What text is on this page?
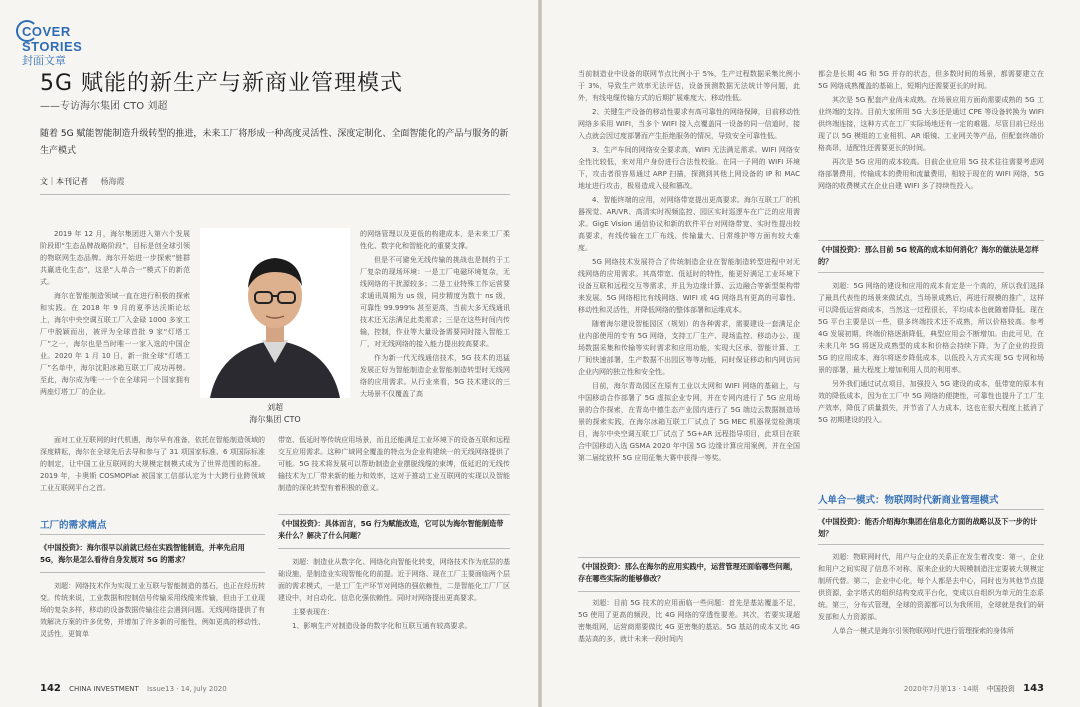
COVER STORIES
封面文章
5G 赋能的新生产与新商业管理模式
——专访海尔集团 CTO 刘超
随着 5G 赋能智能制造升级转型的推进，未来工厂将形成一种高度灵活性、深度定制化、全面智能化的产品与服务的新生产模式
文｜本刊记者 杨海霞

2019 年 12 月，海尔集团进入第六个发展阶段即“生态品牌战略阶段”，目标是创全球引领的物联网生态品牌。海尔开始进一步探索“链群共赢进化生态”，这是“人单合一”模式下的新范式。

海尔在智能制造领域一直在进行积极的探索和实践。在 2018 年 9 月的夏季达沃斯论坛上，海尔中央空调互联工厂入金碌 1000 多家工厂中脱颖而出，被评为全球首批 9 家“灯塔工厂”之一，海尔也是当时唯一一家入选的中国企业。2020 年 1 月 10 日，新一批全球“灯塔工厂”名单中，海尔沈阳冰箱互联工厂成功再榜。至此，海尔成为唯一一个在全球同一个国家拥有两座灯塔工厂的企业。

刘超
海尔集团 CTO

的网络管理以及更低的构建成本，是未来工厂柔性化、数字化和智能化的重要支撑。

但是不可避免无线传输的挑战也是制约于工厂复杂的现场环境：一是工厂电磁环境复杂，无线网络的干扰源较多；二是工业特殊工作运营要求通讯周期为 us 级，同步精度为数十 ns 级，可靠性 99.999% 甚至更高，当前大多无线通讯技术还无法满足此类需求；三是在这些时间内传输，控制，作业等大量设备需要同时接入智能工厂，对无线网络的接入能力提出较高要求。

作为新一代无线通信技术，5G 技术的迅猛发展正好为智能制造企业智能制造转型时无线网络的应用需求。从行业来看，5G 技术建议的三大场景不仅覆盖了高

面对工业互联网的时代机遇，海尔早有准备，依托在智能制造领域的深度耕耘，海尔在全球先后去导和参与了 31 项国家标准、6 项国际标准的制定，让中国工业互联网的大规模定制模式成为了世界范围的标准。2019 年，卡奥斯 COSMOPlat 被国家工信部认定为十大跨行业跨领域工业互联网平台之首。

带宽、低延时等传统应用场景，而且还能满足工业环境下的设备互联和远程交互应用需求。这种广域网全覆盖的特点为企业构建统一的无线网络提供了可能。5G 技术将发展可以帮助制造企业摆脱线缆的束缚，低延迟的无线传输技术为工厂带来新的能力和效率，这对于推动工业互联网的实现以及智能制造的深化转型有着积极的意义。

工厂的需求痛点	《中国投资》：具体而言，5G 行为赋能改造，它可以为海尔智能制造带来什么？解决了什么问题？
《中国投资》：海尔很早以前就已经在实践智能制造，并率先启用 5G，海尔是怎么看待自身发展对 5G 的需求？

刘超：网络技术作为实现工业互联与智能制造的基石，也正在经历转变。传统来说，工业数据和控制信号传输采用线缆来传输，但由于工业现场的复杂多样，移动的设备数据传输往往会遇到问题。无线网络提供了有效解决方案的许多优势，并增加了许多新的可能性，例如更高的移动性、灵活性，更简单

刘超：制造业从数字化、网络化向智能化转变，网络技术作为底层的基础设施，是制造业实现智能化的前提。近于网络、现在工厂主要面临两个层面的需求模式，一是工厂生产环节对网络的强依赖性，二是智能化工厂厂区建设中，对自动化、信息化强依赖性。同时对网络提出更高要求。

主要表现在：

1、影响生产对制造设备的数字化和互联互通有较高要求。

142 CHINA INVESTMENT Issue13 · 14, July 2020

当前制造业中设备的联网节点比例小于 5%，生产过程数据采集比例小于 3%，导致生产效率无法评估，设备预测数据无法统计等问题，此外，有线电缆传输方式的后期扩展难度大、移动性低。

2、关键生产设备的移动性要求有高可靠性的网络保障，目前移动性网络多采用 WIFI，当多个 WIFI 接入点覆盖同一设备的同一信道时，接入点就会因过度部署而产生拒绝服务的情况，导致安全可靠性低。

3、生产车间的网络安全要求高，WIFI 无法满足需求。WIFI 网络安全性比较低，来对用户身份进行合法性校验。在同一子网的 WIFI 环境下，攻击者很容易通过 ARP 扫描，探测到其他上网设备的 IP 和 MAC 地址进行攻击，极易造成入侵和篡改。

4、智能终端的应用，对网络带宽提出更高要求。海尔互联工厂的机器视觉、AR/VR、高清实时视频监控、园区实时巡逻车在广泛的应用需求。GigE Vision 通信协议和新的软件平台对网络带宽、实时性提出较高要求，有线传输在工厂布线、传输量大、日常维护等方面有较大难度。

5G 网络技术发展符合了传统制造企业在智能制造转型进程中对无线网络的应用需求。其高带宽、低延时的特性，能更好满足工业环境下设备互联和远程交互等需求，并且为边缘计算、云边融合等新型架构带来发展。5G 网络相比有线网络、WIFI 或 4G 网络具有更高的可靠性、移动性和灵活性，并降低网络的整体部署和运维成本。

随着海尔建设智能园区（规划）的各种需求，需要建设一套满足企业内部使用的专有 5G 网络，支持工厂生产、现场监控、移动办公、现场数据采集和传输等实时需求和应用功能，实现大区承、智能计算、工厂间快速部署，生产数据不出园区等等功能，同时保证移动和内网访问企业内网的独立性和安全性。

目前，海尔青岛园区在原有工业以太网和 WIFI 网络的基础上，与中国移动合作部署了 5G 虚拟企业专网，并在专网内进行了 5G 应用场景的合作探索，在青岛中德生态产业园内进行了 5G 端边云数据制造场景的探索实践，在海尔冰箱互联工厂试点了 5G MEC 机器视觉检测项目，海尔中央空调互联工厂试点了 5G+AR 远程指导项目，此项目在联合中国移动入选 GSMA 2020 年中国 5G 边缘计算应用案例，并在全国第二届绽放杯 5G 应用征集大赛中获得一等奖。

《中国投资》：那么在海尔的应用实践中，运营管理还面临哪些问题，存在哪些实际的能够修改？

刘超：目前 5G 技术的应用面临一些问题：首先是基站覆盖不足，5G 使用了更高的频段，比 4G 网络的穿透性要差。其次，若要实现超密集组网，运营商需要做比 4G 更密集的基站。5G 基站的成本又比 4G 基站高的多，就计未来一段时间内

都会是长期 4G 和 5G 并存的状态，但多数时间的场景，都需要建立在 5G 网络成熟覆盖的基础上，短期内还需要更长的时间。

其次是 5G 配套产业尚未成熟。在场景应用方面尚需要成熟的 5G 工业终端的支持。目前大家所用 5G 大多还是通过 CPE 等设备转换为 WIFI 供终端连接，这种方式在工厂实际场地还有一定的难题。尽管目前已经出现了以 5G 模组的工业相机、AR 眼镜、工业网关等产品，但配套终端价格高昂，适配性还需要更长的时间。

再次是 5G 应用的成本较高。目前企业应用 5G 技术往往需要考虑网络部署费用，传输成本的费用和流量费用，相较于现在的 WIFI 网络，5G 网络的收费模式在企业自建 WIFI 多了持续性投入。

《中国投资》：那么目前 5G 较高的成本如何消化？海尔的做法是怎样的？

刘超：5G 网络的建设和应用的成本肯定是一个高的，所以我们选择了最具代表性的场景来做试点，当场景成熟后，再进行规模的推广，这样可以降低运营商成本，当然这一过程很长，平均成本也就随着降低。现在 5G 平台主要是以一些，很多终端技术还不成熟，所以价格较高。参考 4G 发展初期，终端价格逐渐降低，典型应用会不断增加。由此可见，在未来几年 5G 将逐及成熟型的成本和价格会持续下降，为了企业的投资 5G 的应用成本，海尔将逐步降低成本，以低投入方式实现 5G 专网和场景的部署，最大程度上增加利用人员的利用率。

另外我们通过试点项目，加强投入 5G 建设的成本，低带宽的原本有效的降低成本，因为在工厂中 5G 网络的便捷性，可靠性也提升了工厂生产效率，降低了质量损失，并节省了人力成本，这也在很大程度上抵消了 5G 初期建设的投入。

人单合一模式：物联网时代新商业管理模式
《中国投资》：能否介绍海尔集团在信息化方面的战略以及下一步的计划？

刘超：物联网时代，用户与企业的关系正在发生着改变：第一，企业和用户之间实现了信息不对称，原来企业的大规模制造注定要被大规模定制所代替。第二，企业中心化，每个人都是去中心，同时也为其他节点提供资源，金字塔式的组织结构变成平台化，变成以自组织为单元的生态系统。第三，分布式管理，全球的资源都可以为我所用，全球就是我们的研发部和人力资源部。

人单合一模式是海尔引领物联网时代进行管理探索的身体所

2020年7月第13 · 14期 中国投资 143
